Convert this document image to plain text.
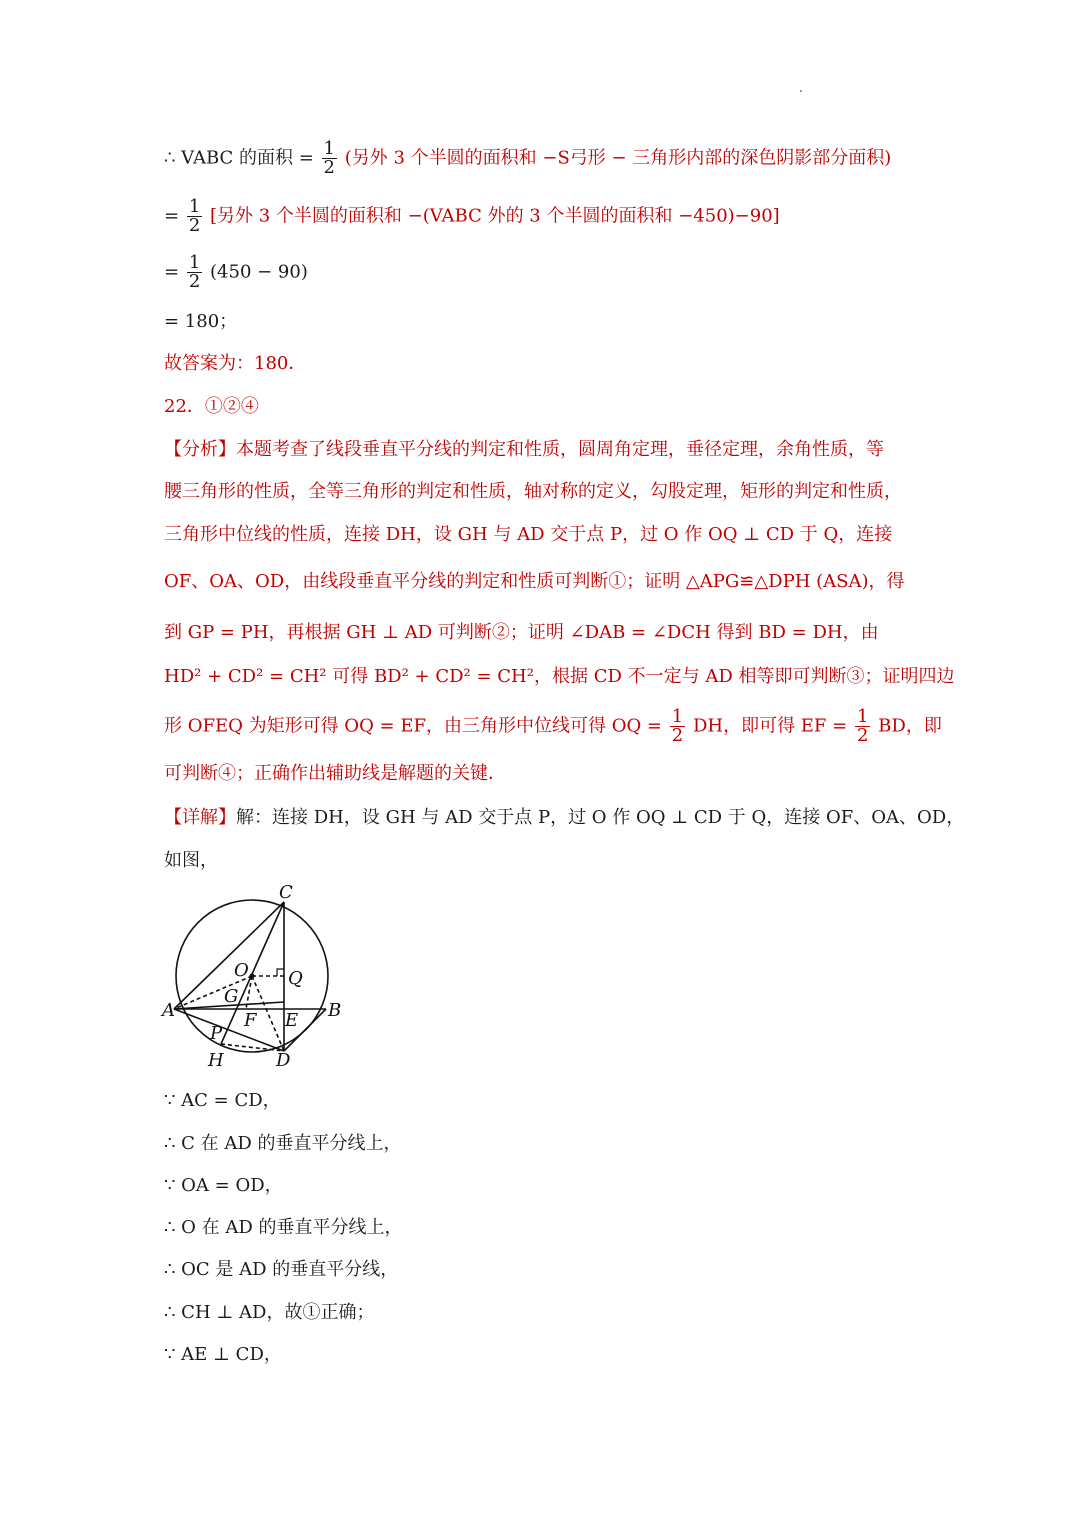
∴ VABC 的面积 = $\frac{1}{2}$ (另外 3 个半圆的面积和 −S弓形 − 三角形内部的深色阴影部分面积)
= $\frac{1}{2}$ [另外 3 个半圆的面积和 −(VABC 外的 3 个半圆的面积和 −450)−90]
= $\frac{1}{2} (450 - 90)$
= 180；
故答案为：180．
22．①②④
【分析】本题考查了线段垂直平分线的判定和性质，圆周角定理，垂径定理，余角性质，等
腰三角形的性质，全等三角形的判定和性质，轴对称的定义，勾股定理，矩形的判定和性质，
三角形中位线的性质，连接 DH，设 GH 与 AD 交于点 P，过 O 作 OQ ⊥ CD 于 Q，连接
OF、OA、OD，由线段垂直平分线的判定和性质可判断①；证明 △APG≌△DPH (ASA)，得
到 GP = PH，再根据 GH ⊥ AD 可判断②；证明 ∠DAB = ∠DCH 得到 BD = DH，由
HD² + CD² = CH² 可得 BD² + CD² = CH²，根据 CD 不一定与 AD 相等即可判断③；证明四边
形 OFEQ 为矩形可得 OQ = EF，由三角形中位线可得 OQ = $\frac{1}{2}$ DH，即可得 EF = $\frac{1}{2}$ BD，即
可判断④；正确作出辅助线是解题的关键．
【详解】解：连接 DH，设 GH 与 AD 交于点 P，过 O 作 OQ ⊥ CD 于 Q，连接 OF、OA、OD，
如图，
C
O Q
G
A	B
F E
P
H	D
∵ AC = CD，
∴ C 在 AD 的垂直平分线上，
∵ OA = OD，
∴ O 在 AD 的垂直平分线上，
∴ OC 是 AD 的垂直平分线，
∴ CH ⊥ AD，故①正确；
∵ AE ⊥ CD，
